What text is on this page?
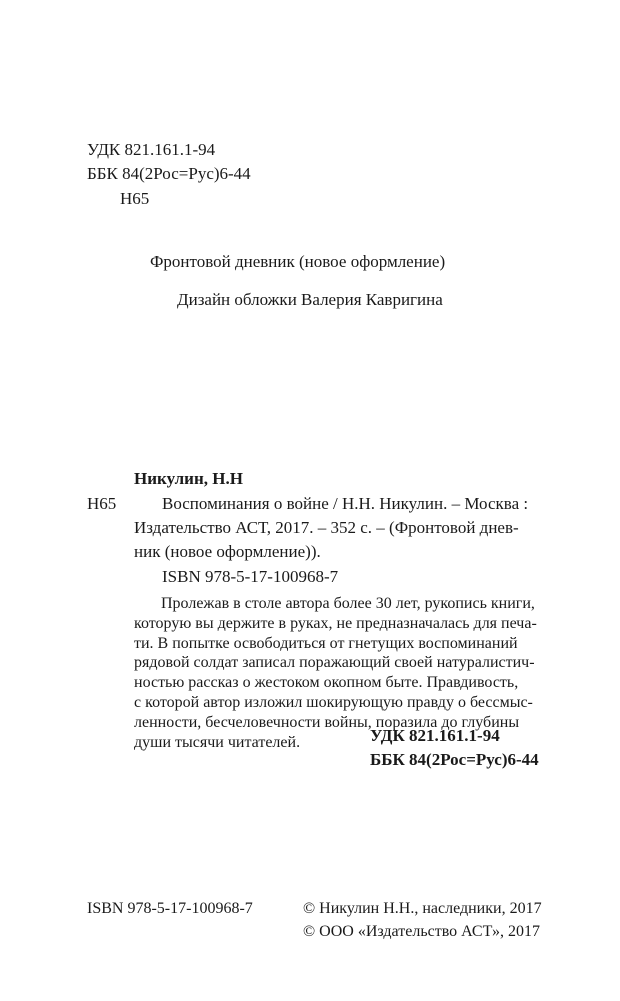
УДК 821.161.1-94
ББК 84(2Рос=Рус)6-44
Н65
Фронтовой дневник (новое оформление)
Дизайн обложки Валерия Кавригина
Никулин, Н.Н
Н65	Воспоминания о войне / Н.Н. Никулин. – Москва :
Издательство АСТ, 2017. – 352 с. – (Фронтовой днев-
ник (новое оформление)).
ISBN 978-5-17-100968-7

Пролежав в столе автора более 30 лет, рукопись книги,

которую вы держите в руках, не предназначалась для печа-

ти. В попытке освободиться от гнетущих воспоминаний

рядовой солдат записал поражающий своей натуралистич-

ностью рассказ о жестоком окопном быте. Правдивость,

с которой автор изложил шокирующую правду о бессмыс-

ленности, бесчеловечности войны, поразила до глубины

души тысячи читателей.	УДК 821.161.1-94
ББК 84(2Рос=Рус)6-44
ISBN 978-5-17-100968-7	© Никулин Н.Н., наследники, 2017
© ООО «Издательство АСТ», 2017
